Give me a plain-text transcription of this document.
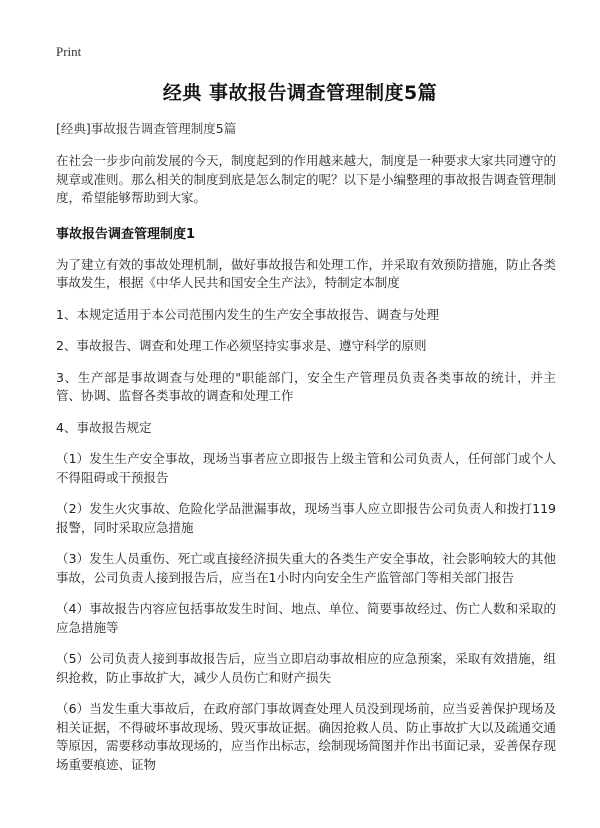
Print
经典 事故报告调查管理制度5篇

[经典]事故报告调查管理制度5篇

在社会一步步向前发展的今天，制度起到的作用越来越大，制度是一种要求大家共同遵守的规章或准则。那么相关的制度到底是怎么制定的呢？以下是小编整理的事故报告调查管理制度，希望能够帮助到大家。

事故报告调查管理制度1

为了建立有效的事故处理机制，做好事故报告和处理工作，并采取有效预防措施，防止各类事故发生，根据《中华人民共和国安全生产法》，特制定本制度

1、本规定适用于本公司范围内发生的生产安全事故报告、调查与处理

2、事故报告、调查和处理工作必须坚持实事求是、遵守科学的原则

3、生产部是事故调查与处理的"职能部门，安全生产管理员负责各类事故的统计，并主管、协调、监督各类事故的调查和处理工作

4、事故报告规定

（1）发生生产安全事故，现场当事者应立即报告上级主管和公司负责人，任何部门或个人不得阻碍或干预报告

（2）发生火灾事故、危险化学品泄漏事故，现场当事人应立即报告公司负责人和拨打119报警，同时采取应急措施

（3）发生人员重伤、死亡或直接经济损失重大的各类生产安全事故，社会影响较大的其他事故，公司负责人接到报告后，应当在1小时内向安全生产监管部门等相关部门报告

（4）事故报告内容应包括事故发生时间、地点、单位、简要事故经过、伤亡人数和采取的应急措施等

（5）公司负责人接到事故报告后，应当立即启动事故相应的应急预案，采取有效措施，组织抢救，防止事故扩大，减少人员伤亡和财产损失

（6）当发生重大事故后，在政府部门事故调查处理人员没到现场前，应当妥善保护现场及相关证据，不得破坏事故现场、毁灭事故证据。确因抢救人员、防止事故扩大以及疏通交通等原因，需要移动事故现场的，应当作出标志，绘制现场简图并作出书面记录，妥善保存现场重要痕迹、证物
